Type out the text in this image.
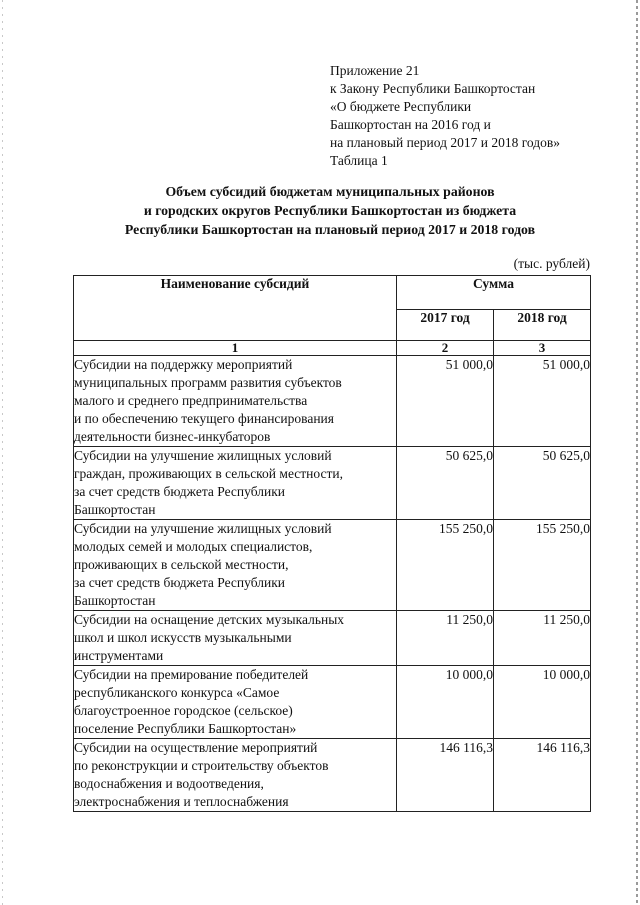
Приложение 21
к Закону Республики Башкортостан
«О бюджете Республики
Башкортостан на 2016 год и
на плановый период 2017 и 2018 годов»
Таблица 1
Объем субсидий бюджетам муниципальных районов
и городских округов Республики Башкортостан из бюджета
Республики Башкортостан на плановый период 2017 и 2018 годов
(тыс. рублей)
Наименование субсидий	Сумма	
	2017 год	2018 год
1	2	3

Субсидии на поддержку мероприятий
муниципальных программ развития субъектов
малого и среднего предпринимательства
и по обеспечению текущего финансирования
деятельности бизнес-инкубаторов	51 000,0	51 000,0

Субсидии на улучшение жилищных условий
граждан, проживающих в сельской местности,
за счет средств бюджета Республики
Башкортостан	50 625,0	50 625,0

Субсидии на улучшение жилищных условий
молодых семей и молодых специалистов,
проживающих в сельской местности,
за счет средств бюджета Республики
Башкортостан	155 250,0	155 250,0

Субсидии на оснащение детских музыкальных
школ и школ искусств музыкальными
инструментами	11 250,0	11 250,0

Субсидии на премирование победителей
республиканского конкурса «Самое
благоустроенное городское (сельское)
поселение Республики Башкортостан»	10 000,0	10 000,0

Субсидии на осуществление мероприятий
по реконструкции и строительству объектов
водоснабжения и водоотведения,
электроснабжения и теплоснабжения	146 116,3	146 116,3
